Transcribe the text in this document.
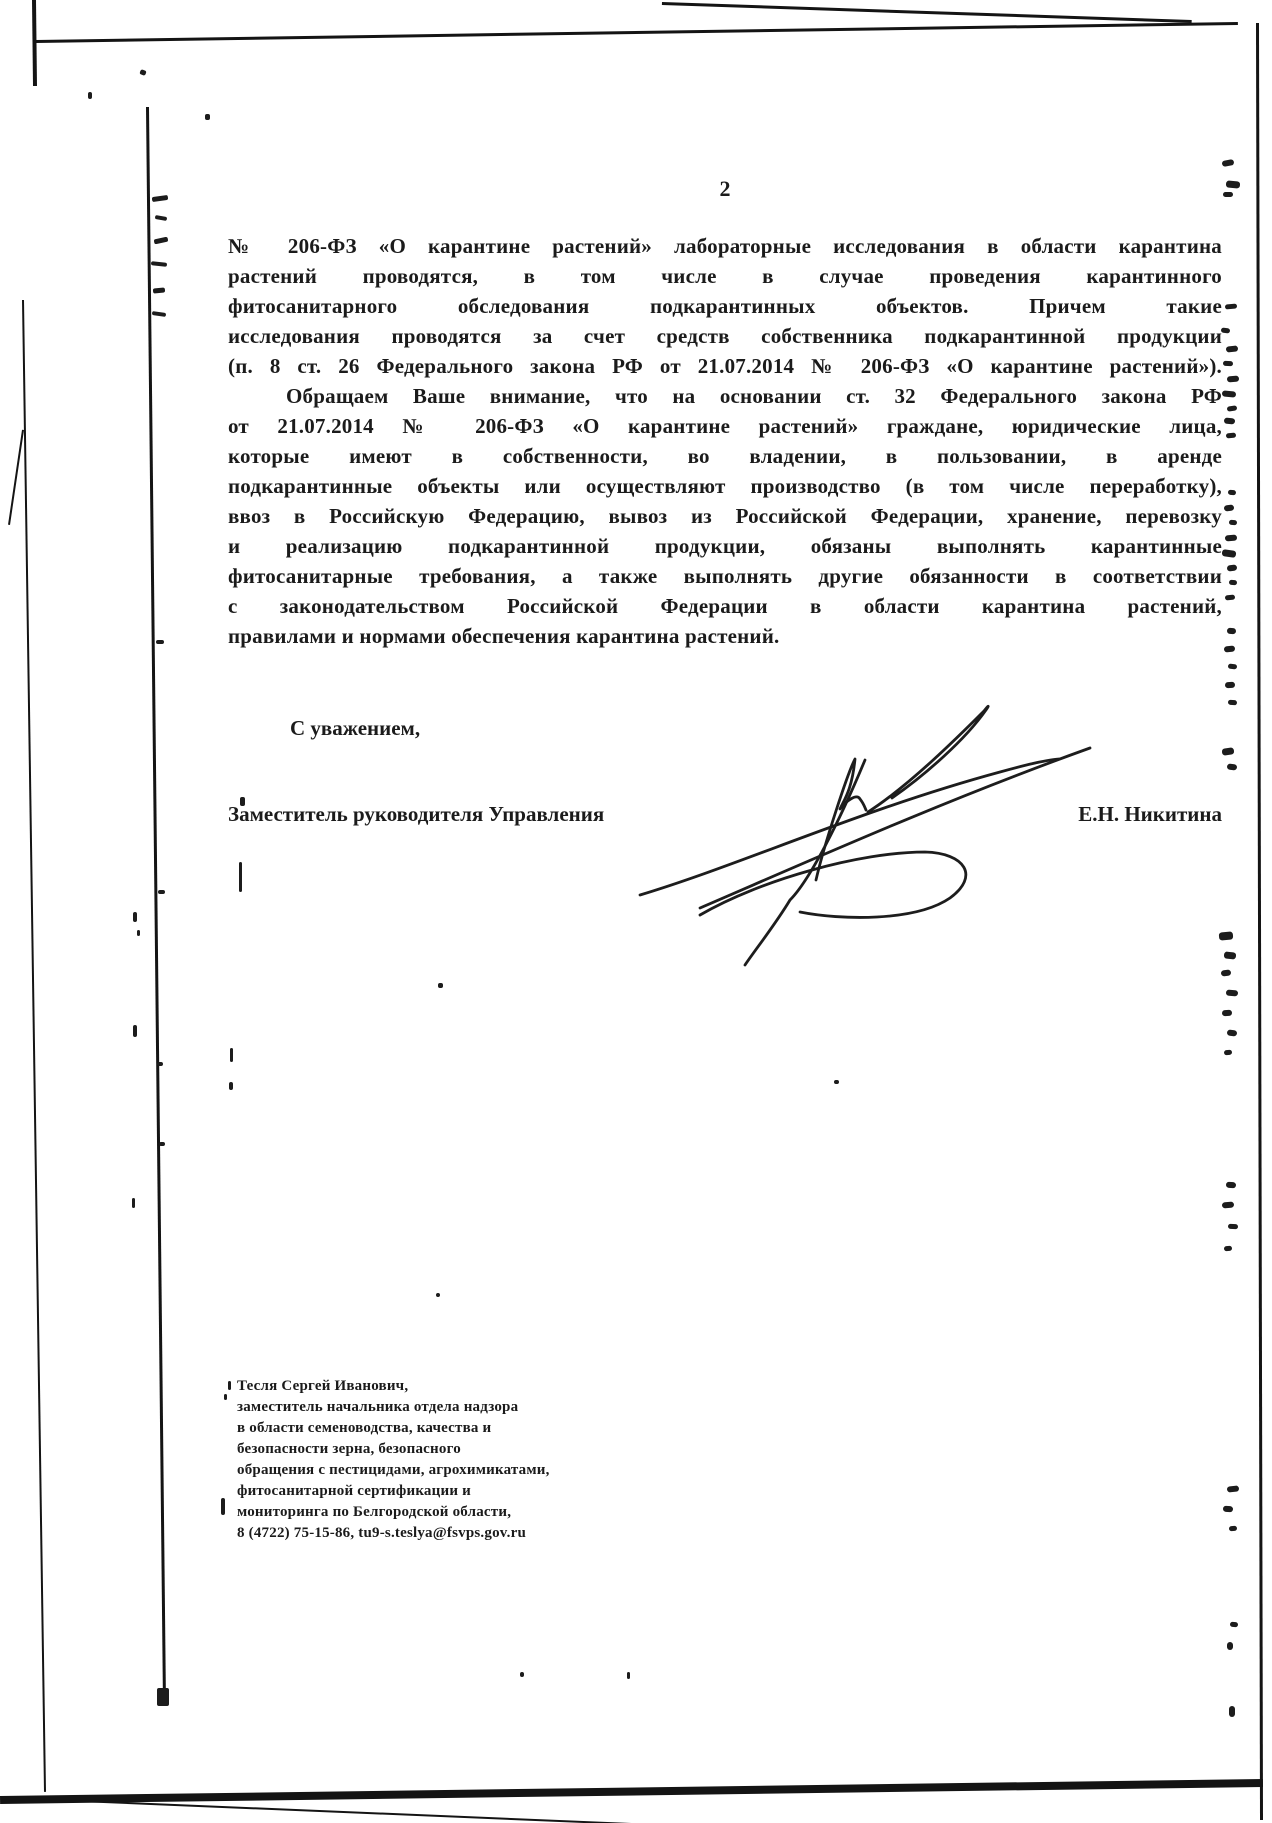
2
№ 206-ФЗ «О карантине растений» лабораторные исследования в области карантина
растений проводятся, в том числе в случае проведения карантинного
фитосанитарного обследования подкарантинных объектов. Причем такие
исследования проводятся за счет средств собственника подкарантинной продукции
(п. 8 ст. 26 Федерального закона РФ от 21.07.2014 № 206-ФЗ «О карантине растений»).
Обращаем Ваше внимание, что на основании ст. 32 Федерального закона РФ
от 21.07.2014 № 206-ФЗ «О карантине растений» граждане, юридические лица,
которые имеют в собственности, во владении, в пользовании, в аренде
подкарантинные объекты или осуществляют производство (в том числе переработку),
ввоз в Российскую Федерацию, вывоз из Российской Федерации, хранение, перевозку
и реализацию подкарантинной продукции, обязаны выполнять карантинные
фитосанитарные требования, а также выполнять другие обязанности в соответствии
с законодательством Российской Федерации в области карантина растений,
правилами и нормами обеспечения карантина растений.
С уважением,
Заместитель руководителя Управления	Е.Н. Никитина
Тесля Сергей Иванович,
заместитель начальника отдела надзора
в области семеноводства, качества и
безопасности зерна, безопасного
обращения с пестицидами, агрохимикатами,
фитосанитарной сертификации и
мониторинга по Белгородской области,
8 (4722) 75-15-86, tu9-s.teslya@fsvps.gov.ru
